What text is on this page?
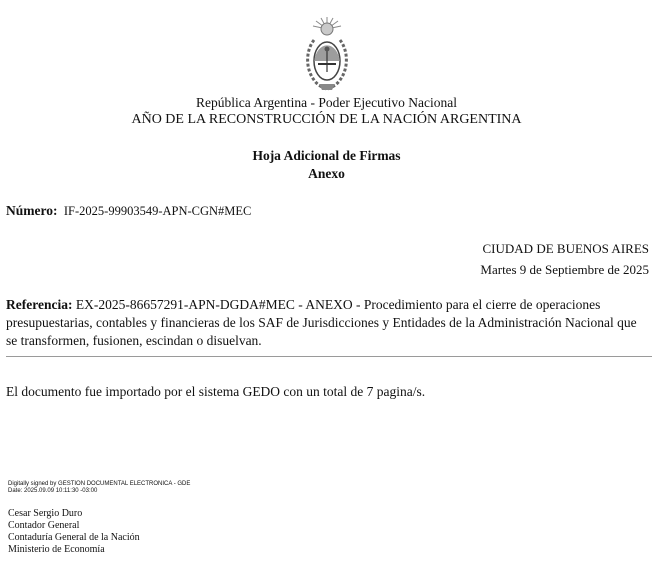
República Argentina - Poder Ejecutivo Nacional
AÑO DE LA RECONSTRUCCIÓN DE LA NACIÓN ARGENTINA
Hoja Adicional de Firmas
Anexo
Número: IF-2025-99903549-APN-CGN#MEC
CIUDAD DE BUENOS AIRES
Martes 9 de Septiembre de 2025
Referencia: EX-2025-86657291-APN-DGDA#MEC - ANEXO - Procedimiento para el cierre de operaciones presupuestarias, contables y financieras de los SAF de Jurisdicciones y Entidades de la Administración Nacional que se transformen, fusionen, escindan o disuelvan.
El documento fue importado por el sistema GEDO con un total de 7 pagina/s.
Digitally signed by GESTION DOCUMENTAL ELECTRONICA - GDE
Date: 2025.09.09 10:11:30 -03:00
Cesar Sergio Duro
Contador General
Contaduría General de la Nación
Ministerio de Economía
